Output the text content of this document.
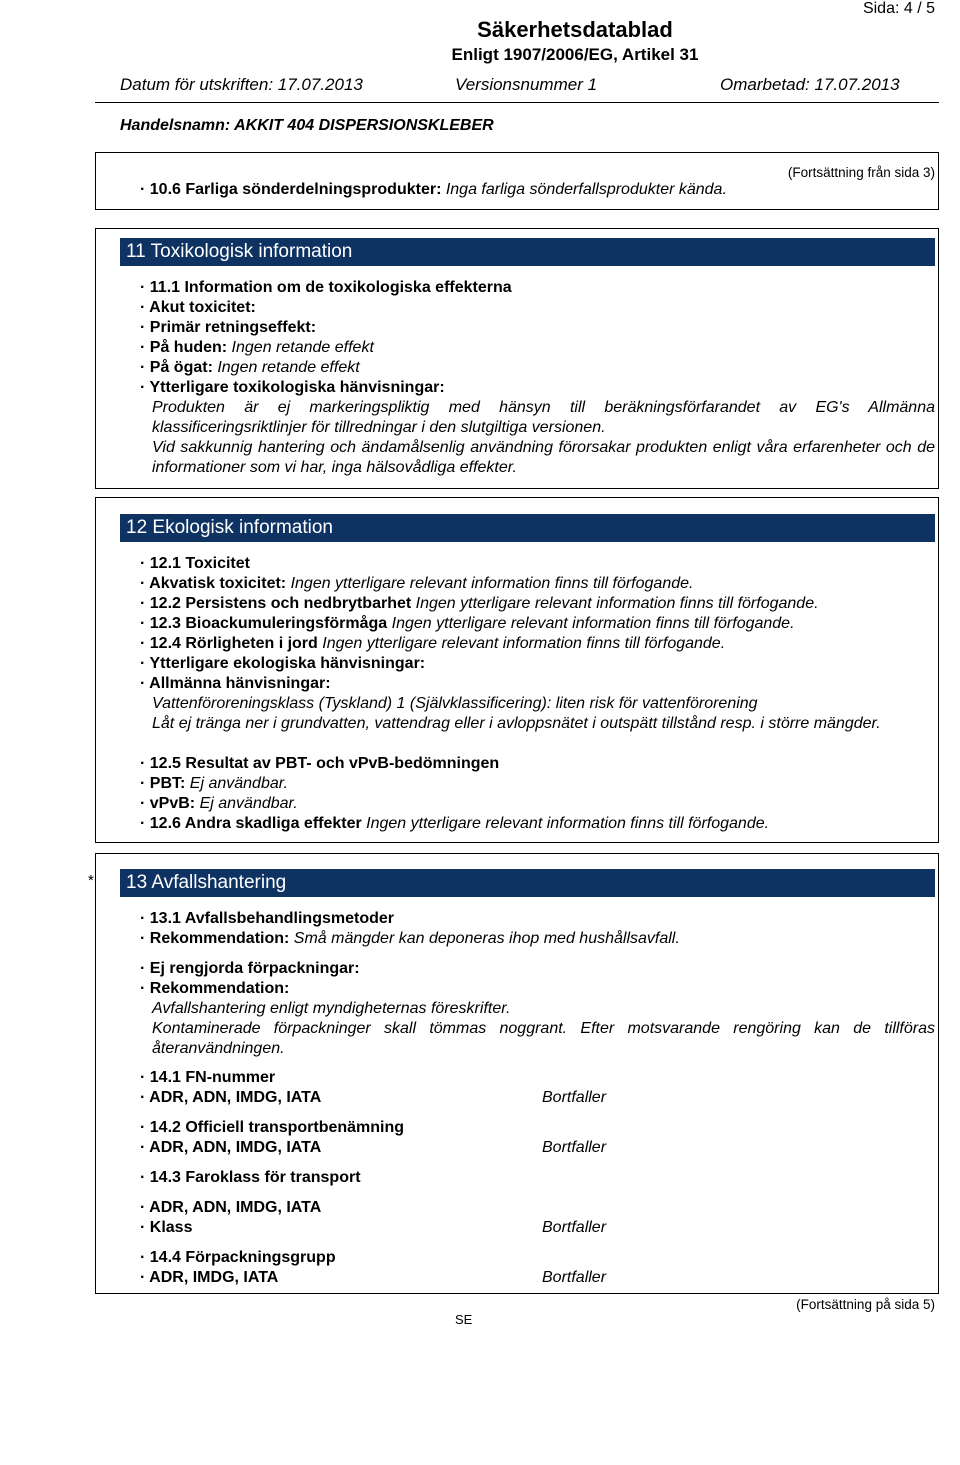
Sida: 4 / 5
Säkerhetsdatablad
Enligt 1907/2006/EG, Artikel 31
Datum för utskriften: 17.07.2013	Versionsnummer 1	Omarbetad: 17.07.2013
Handelsnamn: AKKIT 404 DISPERSIONSKLEBER
(Fortsättning från sida 3)
· 10.6 Farliga sönderdelningsprodukter: Inga farliga sönderfallsprodukter kända.
11 Toxikologisk information
· 11.1 Information om de toxikologiska effekterna
· Akut toxicitet:
· Primär retningseffekt:
· På huden: Ingen retande effekt
· På ögat: Ingen retande effekt
· Ytterligare toxikologiska hänvisningar:
Produkten är ej markeringspliktig med hänsyn till beräkningsförfarandet av EG's Allmänna klassificeringsriktlinjer för tillredningar i den slutgiltiga versionen.
Vid sakkunnig hantering och ändamålsenlig användning förorsakar produkten enligt våra erfarenheter och de informationer som vi har, inga hälsovådliga effekter.
12 Ekologisk information
· 12.1 Toxicitet
· Akvatisk toxicitet: Ingen ytterligare relevant information finns till förfogande.
· 12.2 Persistens och nedbrytbarhet Ingen ytterligare relevant information finns till förfogande.
· 12.3 Bioackumuleringsförmåga Ingen ytterligare relevant information finns till förfogande.
· 12.4 Rörligheten i jord Ingen ytterligare relevant information finns till förfogande.
· Ytterligare ekologiska hänvisningar:
· Allmänna hänvisningar:
Vattenföroreningsklass (Tyskland) 1 (Självklassificering): liten risk för vattenförorening
Låt ej tränga ner i grundvatten, vattendrag eller i avloppsnätet i outspätt tillstånd resp. i större mängder.
· 12.5 Resultat av PBT- och vPvB-bedömningen
· PBT: Ej användbar.
· vPvB: Ej användbar.
· 12.6 Andra skadliga effekter Ingen ytterligare relevant information finns till förfogande.
*	13 Avfallshantering
· 13.1 Avfallsbehandlingsmetoder
· Rekommendation: Små mängder kan deponeras ihop med hushållsavfall.
· Ej rengjorda förpackningar:
· Rekommendation:
Avfallshantering enligt myndigheternas föreskrifter.
Kontaminerade förpackninger skall tömmas noggrant. Efter motsvarande rengöring kan de tillföras återanvändningen.
· 14.1 FN-nummer
· ADR, ADN, IMDG, IATA	Bortfaller
· 14.2 Officiell transportbenämning
· ADR, ADN, IMDG, IATA	Bortfaller
· 14.3 Faroklass för transport
· ADR, ADN, IMDG, IATA
· Klass	Bortfaller
· 14.4 Förpackningsgrupp
· ADR, IMDG, IATA	Bortfaller
(Fortsättning på sida 5)
SE
